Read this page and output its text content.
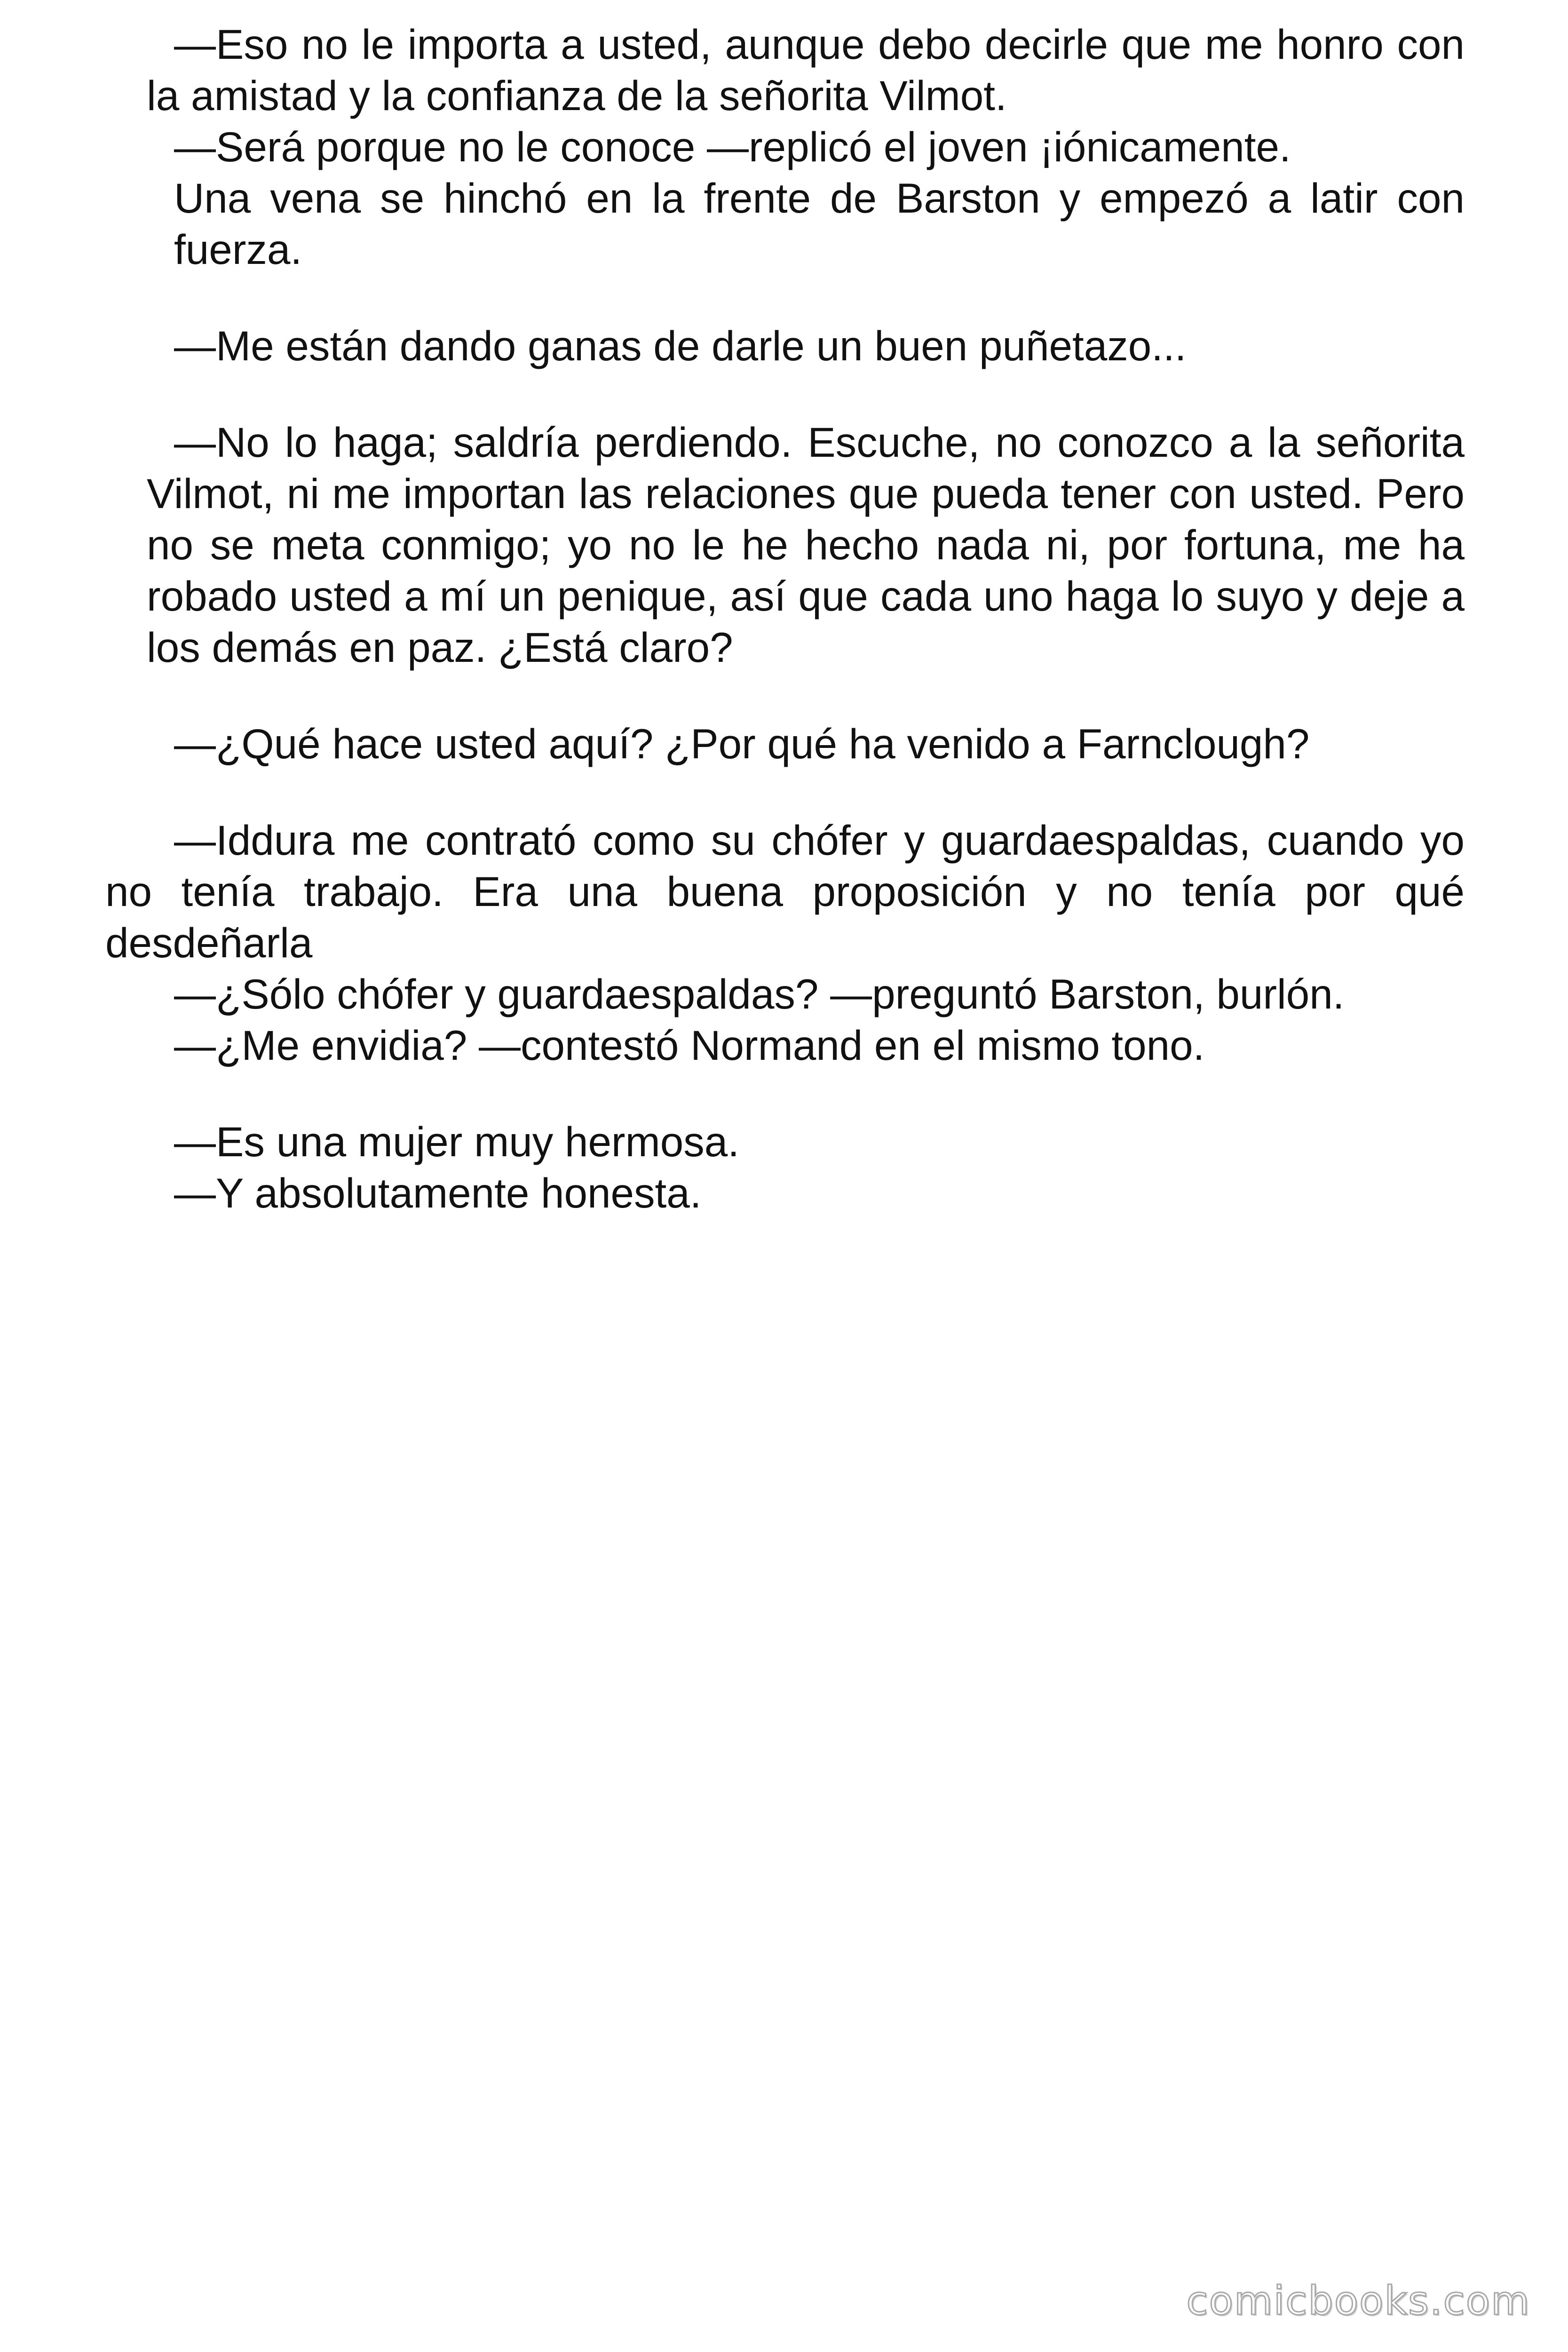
—Eso no le importa a usted, aunque debo decirle que me honro con la amistad y la confianza de la señorita Vilmot.

—Será porque no le conoce —replicó el joven ¡iónicamente.

Una vena se hinchó en la frente de Barston y empezó a latir con fuerza.

—Me están dando ganas de darle un buen puñetazo...

—No lo haga; saldría perdiendo. Escuche, no conozco a la señorita Vilmot, ni me importan las relaciones que pueda tener con usted. Pero no se meta conmigo; yo no le he hecho nada ni, por fortuna, me ha robado usted a mí un penique, así que cada uno haga lo suyo y deje a los demás en paz. ¿Está claro?

—¿Qué hace usted aquí? ¿Por qué ha venido a Farnclough?

—Iddura me contrató como su chófer y guardaespaldas, cuando yo no tenía trabajo. Era una buena proposición y no tenía por qué desdeñarla

—¿Sólo chófer y guardaespaldas? —preguntó Barston, burlón.

—¿Me envidia? —contestó Normand en el mismo tono.

—Es una mujer muy hermosa.

—Y absolutamente honesta.

comicbooks.com
